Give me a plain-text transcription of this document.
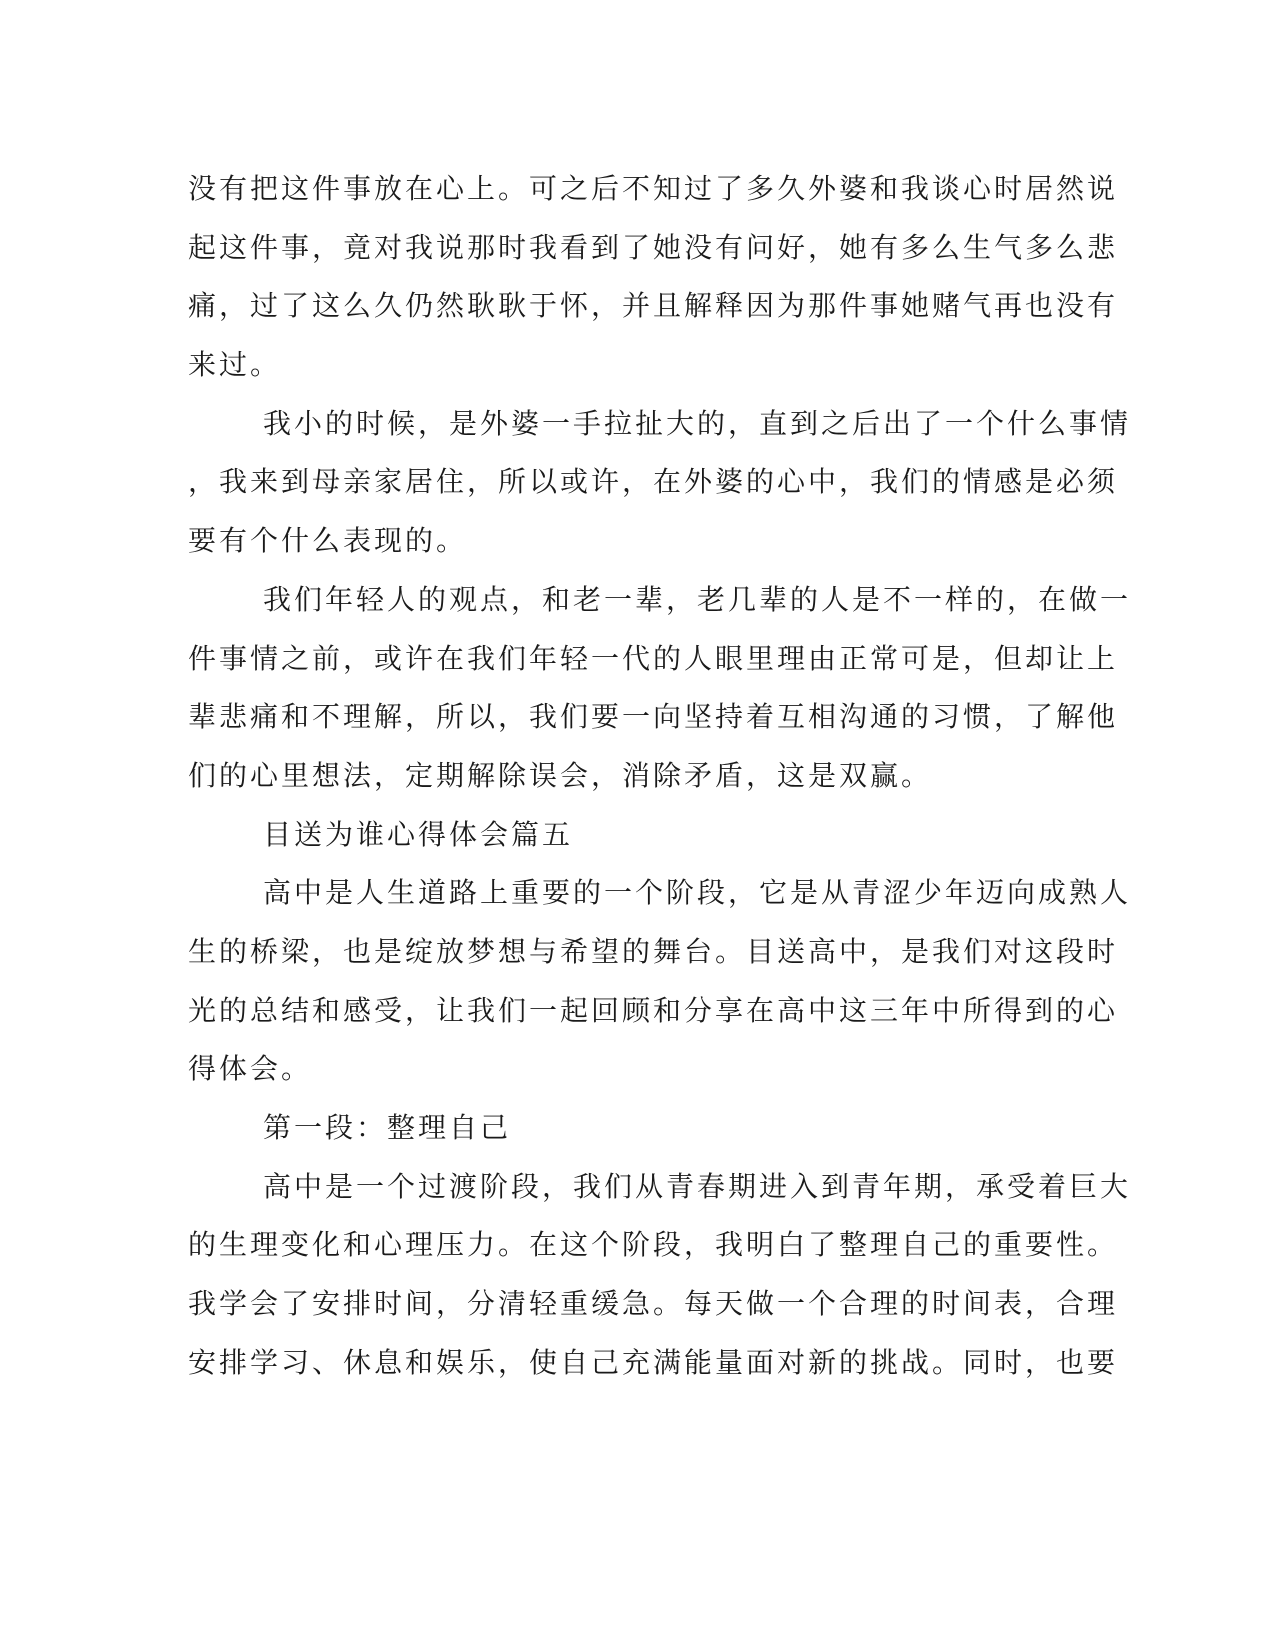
没有把这件事放在心上。可之后不知过了多久外婆和我谈心时居然说
起这件事，竟对我说那时我看到了她没有问好，她有多么生气多么悲
痛，过了这么久仍然耿耿于怀，并且解释因为那件事她赌气再也没有
来过。
我小的时候，是外婆一手拉扯大的，直到之后出了一个什么事情
，我来到母亲家居住，所以或许，在外婆的心中，我们的情感是必须
要有个什么表现的。
我们年轻人的观点，和老一辈，老几辈的人是不一样的，在做一
件事情之前，或许在我们年轻一代的人眼里理由正常可是，但却让上
辈悲痛和不理解，所以，我们要一向坚持着互相沟通的习惯，了解他
们的心里想法，定期解除误会，消除矛盾，这是双赢。
目送为谁心得体会篇五
高中是人生道路上重要的一个阶段，它是从青涩少年迈向成熟人
生的桥梁，也是绽放梦想与希望的舞台。目送高中，是我们对这段时
光的总结和感受，让我们一起回顾和分享在高中这三年中所得到的心
得体会。
第一段：整理自己
高中是一个过渡阶段，我们从青春期进入到青年期，承受着巨大
的生理变化和心理压力。在这个阶段，我明白了整理自己的重要性。
我学会了安排时间，分清轻重缓急。每天做一个合理的时间表，合理
安排学习、休息和娱乐，使自己充满能量面对新的挑战。同时，也要
